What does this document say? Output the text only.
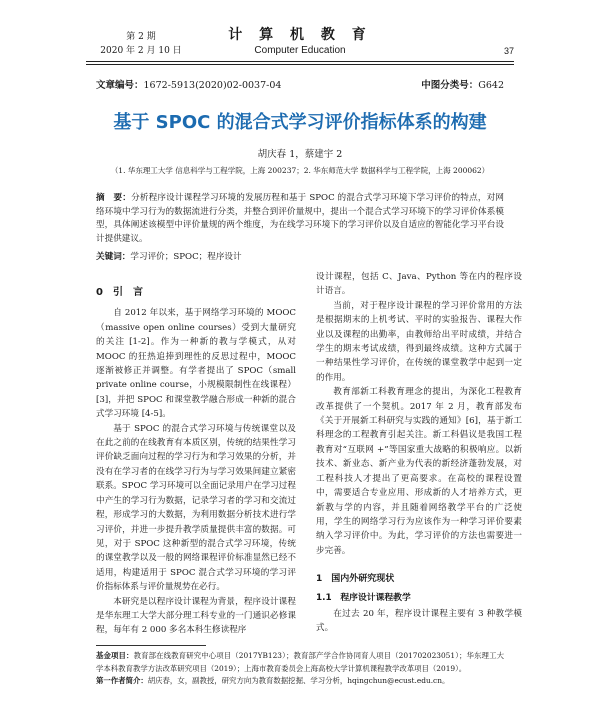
第 2 期
2020 年 2 月 10 日
计 算 机 教 育
Computer Education	37
文章编号：1672-5913(2020)02-0037-04	中图分类号：G642
基于 SPOC 的混合式学习评价指标体系的构建
胡庆春 1，蔡建宇 2
（1. 华东理工大学 信息科学与工程学院，上海 200237；2. 华东师范大学 数据科学与工程学院，上海 200062）
摘　要：分析程序设计课程学习环境的发展历程和基于 SPOC 的混合式学习环境下学习评价的特点，对网络环境中学习行为的数据流进行分类，并整合到评价量规中，提出一个混合式学习环境下的学习评价体系模型，具体阐述该模型中评价量规的两个维度，为在线学习环境下的学习评价以及自适应的智能化学习平台设计提供建议。
关键词：学习评价；SPOC；程序设计
0　引　言

自 2012 年以来，基于网络学习环境的 MOOC（massive open online courses）受到大量研究的关注 [1-2]。作为一种新的教与学模式，从对 MOOC 的狂热追捧到理性的反思过程中，MOOC 逐渐被修正并调整。有学者提出了 SPOC（small private online course，小规模限制性在线课程）[3]，并把 SPOC 和课堂教学融合形成一种新的混合式学习环境 [4-5]。

基于 SPOC 的混合式学习环境与传统课堂以及在此之前的在线教育有本质区别，传统的结果性学习评价缺乏面向过程的学习行为和学习效果的分析，并没有在学习者的在线学习行为与学习效果间建立紧密联系。SPOC 学习环境可以全面记录用户在学习过程中产生的学习行为数据，记录学习者的学习和交流过程，形成学习的大数据，为利用数据分析技术进行学习评价，并进一步提升教学质量提供丰富的数据。可见，对于 SPOC 这种新型的混合式学习环境，传统的课堂教学以及一般的网络课程评价标准显然已经不适用，构建适用于 SPOC 混合式学习环境的学习评价指标体系与评价量规势在必行。

本研究是以程序设计课程为背景，程序设计课程是华东理工大学大部分理工科专业的一门通识必修课程，每年有 2 000 多名本科生修读程序

设计课程，包括 C、Java、Python 等在内的程序设计语言。

当前，对于程序设计课程的学习评价常用的方法是根据期末的上机考试、平时的实验报告、课程大作业以及课程的出勤率，由教师给出平时成绩，并结合学生的期末考试成绩，得到最终成绩。这种方式属于一种结果性学习评价，在传统的课堂教学中起到一定的作用。

教育部新工科教育理念的提出，为深化工程教育改革提供了一个契机。2017 年 2 月，教育部发布《关于开展新工科研究与实践的通知》[6]，基于新工科理念的工程教育引起关注。新工科倡议是我国工程教育对“互联网 +”等国家重大战略的积极响应。以新技术、新业态、新产业为代表的新经济蓬勃发展，对工程科技人才提出了更高要求。在高校的课程设置中，需要适合专业应用、形成新的人才培养方式，更新教与学的内容，并且随着网络教学平台的广泛使用，学生的网络学习行为应该作为一种学习评价要素纳入学习评价中。为此，学习评价的方法也需要进一步完善。

1　国内外研究现状
1.1　程序设计课程教学

在过去 20 年，程序设计课程主要有 3 种教学模式。

基金项目：教育部在线教育研究中心项目（2017YB123）；教育部产学合作协同育人项目（201702023051）；华东理工大学本科教育教学方法改革研究项目（2019）；上海市教育委员会上海高校大学计算机课程教学改革项目（2019）。
第一作者简介：胡庆春，女，副教授，研究方向为教育数据挖掘、学习分析，hqingchun@ecust.edu.cn。
